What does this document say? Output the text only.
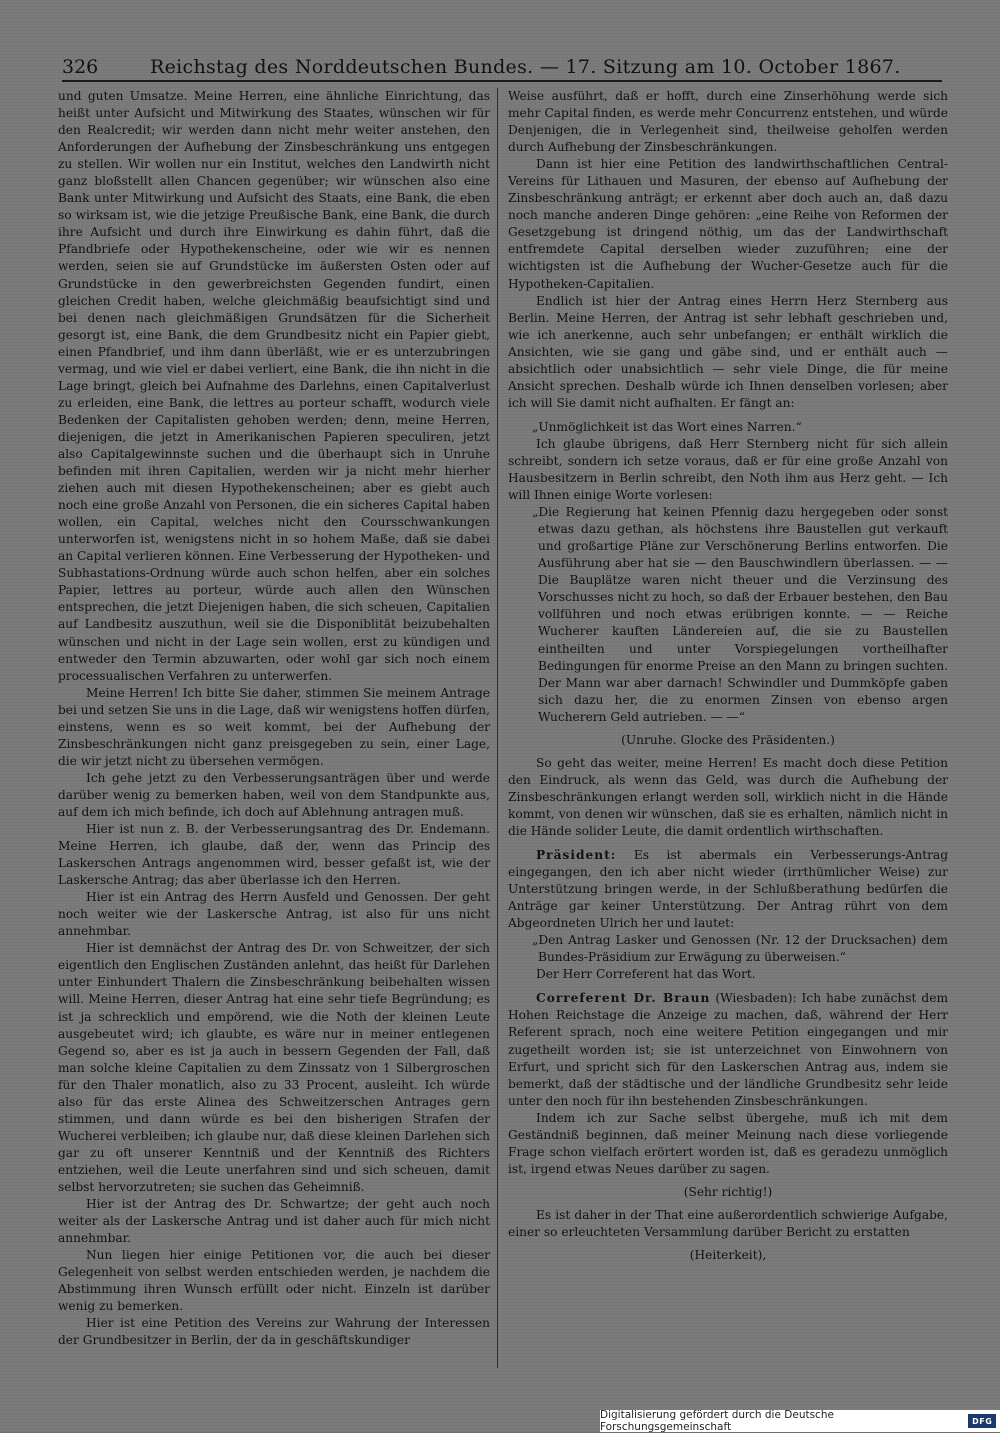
326	Reichstag des Norddeutschen Bundes. — 17. Sitzung am 10. October 1867.

und guten Umsatze. Meine Herren, eine ähnliche Einrichtung, das heißt unter Aufsicht und Mitwirkung des Staates, wünschen wir für den Realcredit; wir werden dann nicht mehr weiter anstehen, den Anforderungen der Aufhebung der Zinsbeschränkung uns entgegen zu stellen. Wir wollen nur ein Institut, welches den Landwirth nicht ganz bloßstellt allen Chancen gegenüber; wir wünschen also eine Bank unter Mitwirkung und Aufsicht des Staats, eine Bank, die eben so wirksam ist, wie die jetzige Preußische Bank, eine Bank, die durch ihre Aufsicht und durch ihre Einwirkung es dahin führt, daß die Pfandbriefe oder Hypothekenscheine, oder wie wir es nennen werden, seien sie auf Grundstücke im äußersten Osten oder auf Grundstücke in den gewerbreichsten Gegenden fundirt, einen gleichen Credit haben, welche gleichmäßig beaufsichtigt sind und bei denen nach gleichmäßigen Grundsätzen für die Sicherheit gesorgt ist, eine Bank, die dem Grundbesitz nicht ein Papier giebt, einen Pfandbrief, und ihm dann überläßt, wie er es unterzubringen vermag, und wie viel er dabei verliert, eine Bank, die ihn nicht in die Lage bringt, gleich bei Aufnahme des Darlehns, einen Capitalverlust zu erleiden, eine Bank, die lettres au porteur schafft, wodurch viele Bedenken der Capitalisten gehoben werden; denn, meine Herren, diejenigen, die jetzt in Amerikanischen Papieren speculiren, jetzt also Capitalgewinnste suchen und die überhaupt sich in Unruhe befinden mit ihren Capitalien, werden wir ja nicht mehr hierher ziehen auch mit diesen Hypothekenscheinen; aber es giebt auch noch eine große Anzahl von Personen, die ein sicheres Capital haben wollen, ein Capital, welches nicht den Coursschwankungen unterworfen ist, wenigstens nicht in so hohem Maße, daß sie dabei an Capital verlieren können. Eine Verbesserung der Hypotheken- und Subhastations-Ordnung würde auch schon helfen, aber ein solches Papier, lettres au porteur, würde auch allen den Wünschen entsprechen, die jetzt Diejenigen haben, die sich scheuen, Capitalien auf Landbesitz auszuthun, weil sie die Disponiblität beizubehalten wünschen und nicht in der Lage sein wollen, erst zu kündigen und entweder den Termin abzuwarten, oder wohl gar sich noch einem processualischen Verfahren zu unterwerfen.

Meine Herren! Ich bitte Sie daher, stimmen Sie meinem Antrage bei und setzen Sie uns in die Lage, daß wir wenigstens hoffen dürfen, einstens, wenn es so weit kommt, bei der Aufhebung der Zinsbeschränkungen nicht ganz preisgegeben zu sein, einer Lage, die wir jetzt nicht zu übersehen vermögen.

Ich gehe jetzt zu den Verbesserungsanträgen über und werde darüber wenig zu bemerken haben, weil von dem Standpunkte aus, auf dem ich mich befinde, ich doch auf Ablehnung antragen muß.

Hier ist nun z. B. der Verbesserungsantrag des Dr. Endemann. Meine Herren, ich glaube, daß der, wenn das Princip des Laskerschen Antrags angenommen wird, besser gefaßt ist, wie der Laskersche Antrag; das aber überlasse ich den Herren.

Hier ist ein Antrag des Herrn Ausfeld und Genossen. Der geht noch weiter wie der Laskersche Antrag, ist also für uns nicht annehmbar.

Hier ist demnächst der Antrag des Dr. von Schweitzer, der sich eigentlich den Englischen Zuständen anlehnt, das heißt für Darlehen unter Einhundert Thalern die Zinsbeschränkung beibehalten wissen will. Meine Herren, dieser Antrag hat eine sehr tiefe Begründung; es ist ja schrecklich und empörend, wie die Noth der kleinen Leute ausgebeutet wird; ich glaubte, es wäre nur in meiner entlegenen Gegend so, aber es ist ja auch in bessern Gegenden der Fall, daß man solche kleine Capitalien zu dem Zinssatz von 1 Silbergroschen für den Thaler monatlich, also zu 33 Procent, ausleiht. Ich würde also für das erste Alinea des Schweitzerschen Antrages gern stimmen, und dann würde es bei den bisherigen Strafen der Wucherei verbleiben; ich glaube nur, daß diese kleinen Darlehen sich gar zu oft unserer Kenntniß und der Kenntniß des Richters entziehen, weil die Leute unerfahren sind und sich scheuen, damit selbst hervorzutreten; sie suchen das Geheimniß.

Hier ist der Antrag des Dr. Schwartze; der geht auch noch weiter als der Laskersche Antrag und ist daher auch für mich nicht annehmbar.

Nun liegen hier einige Petitionen vor, die auch bei dieser Gelegenheit von selbst werden entschieden werden, je nachdem die Abstimmung ihren Wunsch erfüllt oder nicht. Einzeln ist darüber wenig zu bemerken.

Hier ist eine Petition des Vereins zur Wahrung der Interessen der Grundbesitzer in Berlin, der da in geschäftskundiger

Weise ausführt, daß er hofft, durch eine Zinserhöhung werde sich mehr Capital finden, es werde mehr Concurrenz entstehen, und würde Denjenigen, die in Verlegenheit sind, theilweise geholfen werden durch Aufhebung der Zinsbeschränkungen.

Dann ist hier eine Petition des landwirthschaftlichen Central-Vereins für Lithauen und Masuren, der ebenso auf Aufhebung der Zinsbeschränkung anträgt; er erkennt aber doch auch an, daß dazu noch manche anderen Dinge gehören: „eine Reihe von Reformen der Gesetzgebung ist dringend nöthig, um das der Landwirthschaft entfremdete Capital derselben wieder zuzuführen; eine der wichtigsten ist die Aufhebung der Wucher-Gesetze auch für die Hypotheken-Capitalien.

Endlich ist hier der Antrag eines Herrn Herz Sternberg aus Berlin. Meine Herren, der Antrag ist sehr lebhaft geschrieben und, wie ich anerkenne, auch sehr unbefangen; er enthält wirklich die Ansichten, wie sie gang und gäbe sind, und er enthält auch — absichtlich oder unabsichtlich — sehr viele Dinge, die für meine Ansicht sprechen. Deshalb würde ich Ihnen denselben vorlesen; aber ich will Sie damit nicht aufhalten. Er fängt an:

„Unmöglichkeit ist das Wort eines Narren.“

Ich glaube übrigens, daß Herr Sternberg nicht für sich allein schreibt, sondern ich setze voraus, daß er für eine große Anzahl von Hausbesitzern in Berlin schreibt, den Noth ihm aus Herz geht. — Ich will Ihnen einige Worte vorlesen:

„Die Regierung hat keinen Pfennig dazu hergegeben oder sonst etwas dazu gethan, als höchstens ihre Baustellen gut verkauft und großartige Pläne zur Verschönerung Berlins entworfen. Die Ausführung aber hat sie — den Bauschwindlern überlassen. — — Die Bauplätze waren nicht theuer und die Verzinsung des Vorschusses nicht zu hoch, so daß der Erbauer bestehen, den Bau vollführen und noch etwas erübrigen konnte. — — Reiche Wucherer kauften Ländereien auf, die sie zu Baustellen eintheilten und unter Vorspiegelungen vortheilhafter Bedingungen für enorme Preise an den Mann zu bringen suchten. Der Mann war aber darnach! Schwindler und Dummköpfe gaben sich dazu her, die zu enormen Zinsen von ebenso argen Wucherern Geld autrieben. — —“

(Unruhe. Glocke des Präsidenten.)

So geht das weiter, meine Herren! Es macht doch diese Petition den Eindruck, als wenn das Geld, was durch die Aufhebung der Zinsbeschränkungen erlangt werden soll, wirklich nicht in die Hände kommt, von denen wir wünschen, daß sie es erhalten, nämlich nicht in die Hände solider Leute, die damit ordentlich wirthschaften.

Präsident: Es ist abermals ein Verbesserungs-Antrag eingegangen, den ich aber nicht wieder (irrthümlicher Weise) zur Unterstützung bringen werde, in der Schlußberathung bedürfen die Anträge gar keiner Unterstützung. Der Antrag rührt von dem Abgeordneten Ulrich her und lautet:

„Den Antrag Lasker und Genossen (Nr. 12 der Drucksachen) dem Bundes-Präsidium zur Erwägung zu überweisen.“

Der Herr Correferent hat das Wort.

Correferent Dr. Braun (Wiesbaden): Ich habe zunächst dem Hohen Reichstage die Anzeige zu machen, daß, während der Herr Referent sprach, noch eine weitere Petition eingegangen und mir zugetheilt worden ist; sie ist unterzeichnet von Einwohnern von Erfurt, und spricht sich für den Laskerschen Antrag aus, indem sie bemerkt, daß der städtische und der ländliche Grundbesitz sehr leide unter den noch für ihn bestehenden Zinsbeschränkungen.

Indem ich zur Sache selbst übergehe, muß ich mit dem Geständniß beginnen, daß meiner Meinung nach diese vorliegende Frage schon vielfach erörtert worden ist, daß es geradezu unmöglich ist, irgend etwas Neues darüber zu sagen.

(Sehr richtig!)

Es ist daher in der That eine außerordentlich schwierige Aufgabe, einer so erleuchteten Versammlung darüber Bericht zu erstatten

(Heiterkeit),

Digitalisierung gefördert durch die Deutsche Forschungsgemeinschaft	DFG
